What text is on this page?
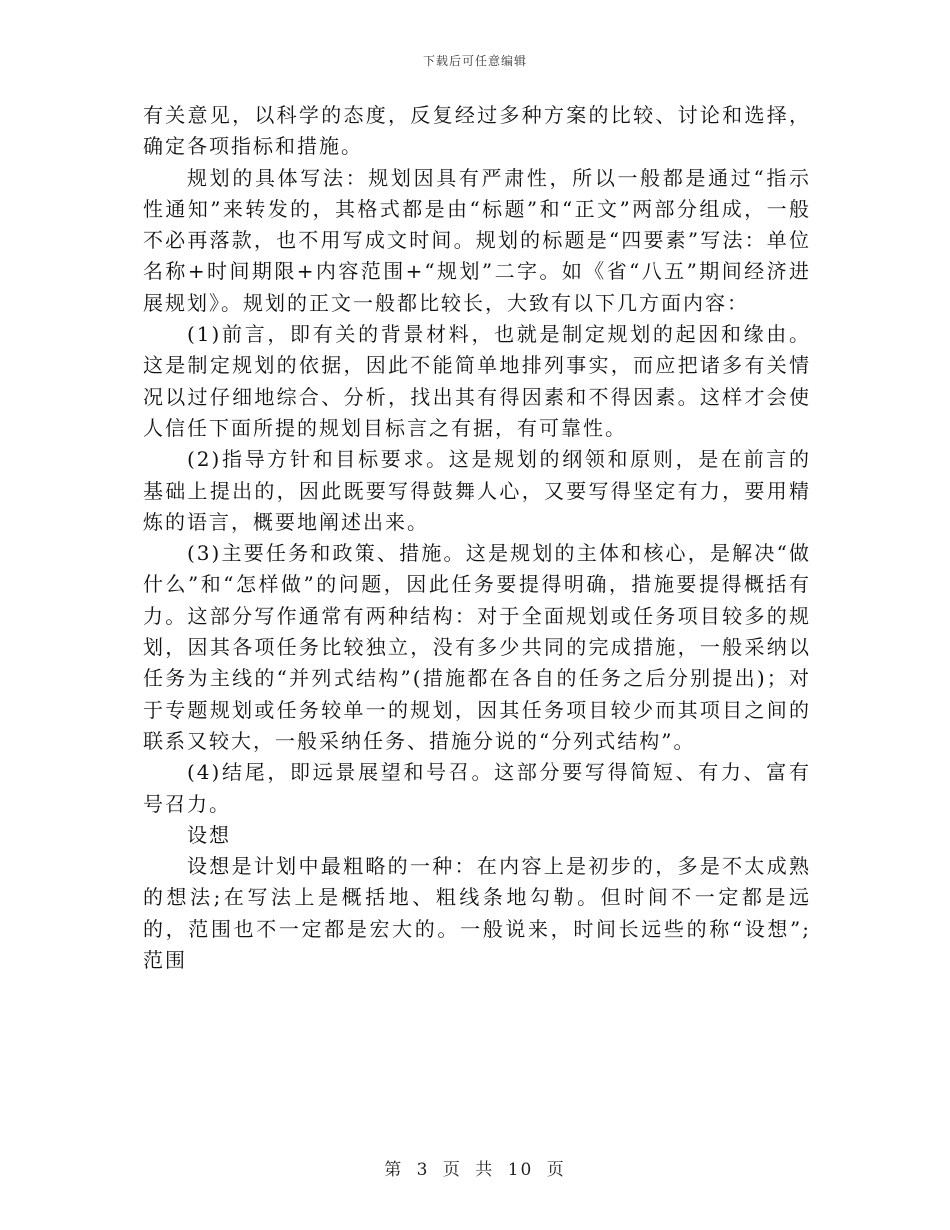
下载后可任意编辑

有关意见，以科学的态度，反复经过多种方案的比较、讨论和选择，确定各项指标和措施。

规划的具体写法：规划因具有严肃性，所以一般都是通过“指示性通知”来转发的，其格式都是由“标题”和“正文”两部分组成，一般不必再落款，也不用写成文时间。规划的标题是“四要素”写法：单位名称+时间期限+内容范围+“规划”二字。如《省“八五”期间经济进展规划》。规划的正文一般都比较长，大致有以下几方面内容：

(1)前言，即有关的背景材料，也就是制定规划的起因和缘由。这是制定规划的依据，因此不能简单地排列事实，而应把诸多有关情况以过仔细地综合、分析，找出其有得因素和不得因素。这样才会使人信任下面所提的规划目标言之有据，有可靠性。

(2)指导方针和目标要求。这是规划的纲领和原则，是在前言的基础上提出的，因此既要写得鼓舞人心，又要写得坚定有力，要用精炼的语言，概要地阐述出来。

(3)主要任务和政策、措施。这是规划的主体和核心，是解决“做什么”和“怎样做”的问题，因此任务要提得明确，措施要提得概括有力。这部分写作通常有两种结构：对于全面规划或任务项目较多的规划，因其各项任务比较独立，没有多少共同的完成措施，一般采纳以任务为主线的“并列式结构”(措施都在各自的任务之后分别提出)；对于专题规划或任务较单一的规划，因其任务项目较少而其项目之间的联系又较大，一般采纳任务、措施分说的“分列式结构”。

(4)结尾，即远景展望和号召。这部分要写得简短、有力、富有号召力。

设想

设想是计划中最粗略的一种：在内容上是初步的，多是不太成熟的想法;在写法上是概括地、粗线条地勾勒。但时间不一定都是远的，范围也不一定都是宏大的。一般说来，时间长远些的称“设想”;范围

第 3 页 共 10 页
